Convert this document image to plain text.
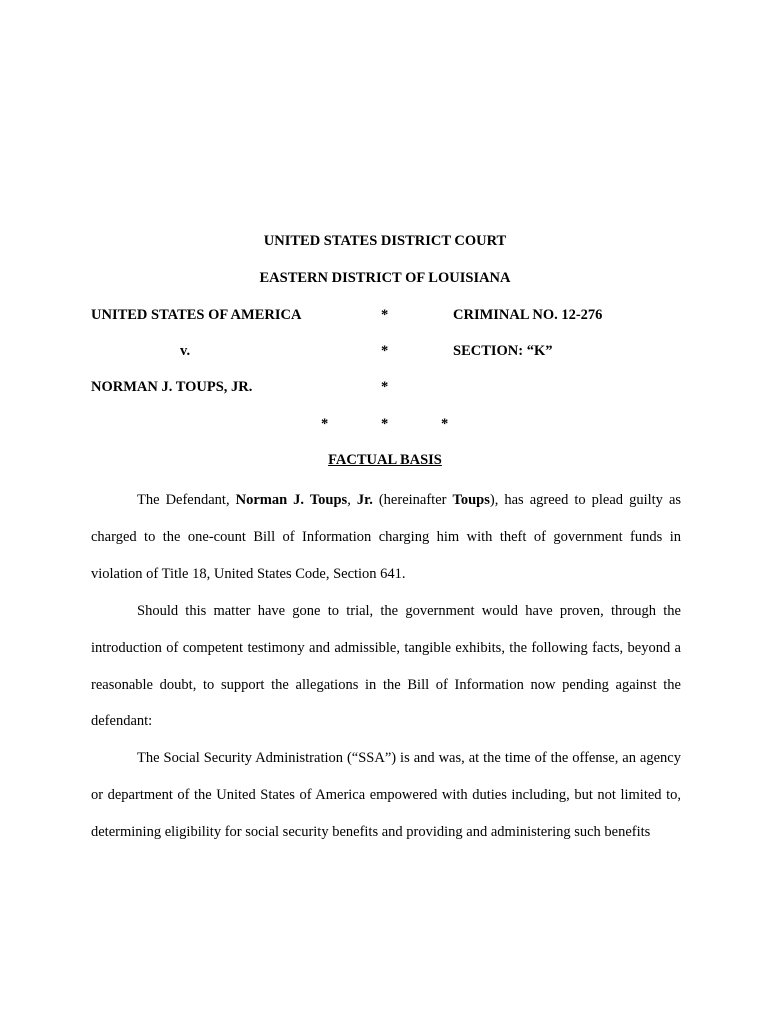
UNITED STATES DISTRICT COURT
EASTERN DISTRICT OF LOUISIANA
UNITED STATES OF AMERICA	*	CRIMINAL NO. 12-276
v.	*	SECTION: “K”
NORMAN J. TOUPS, JR.	*
*	*	*
FACTUAL BASIS

The Defendant, Norman J. Toups, Jr. (hereinafter Toups), has agreed to plead guilty as charged to the one-count Bill of Information charging him with theft of government funds in violation of Title 18, United States Code, Section 641.

Should this matter have gone to trial, the government would have proven, through the introduction of competent testimony and admissible, tangible exhibits, the following facts, beyond a reasonable doubt, to support the allegations in the Bill of Information now pending against the defendant:

The Social Security Administration (“SSA”) is and was, at the time of the offense, an agency or department of the United States of America empowered with duties including, but not limited to, determining eligibility for social security benefits and providing and administering such benefits
